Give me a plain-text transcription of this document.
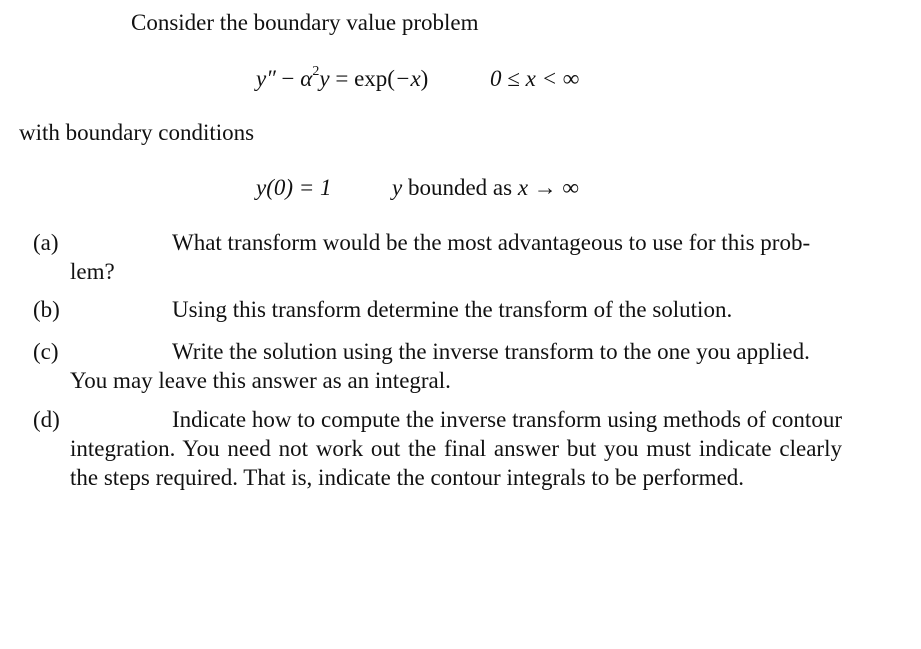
Consider the boundary value problem
$y'' - \alpha^2y = \exp(-x)$	0 ≤ x < ∞
with boundary conditions
y(0) = 1	y bounded as x → ∞
(a)	What transform would be the most advantageous to use for this prob-
lem?
(b)	Using this transform determine the transform of the solution.
(c)	Write the solution using the inverse transform to the one you applied.
You may leave this answer as an integral.
(d)	Indicate how to compute the inverse transform using methods of contour integration. You need not work out the final answer but you must indicate clearly the steps required. That is, indicate the contour integrals to be performed.
